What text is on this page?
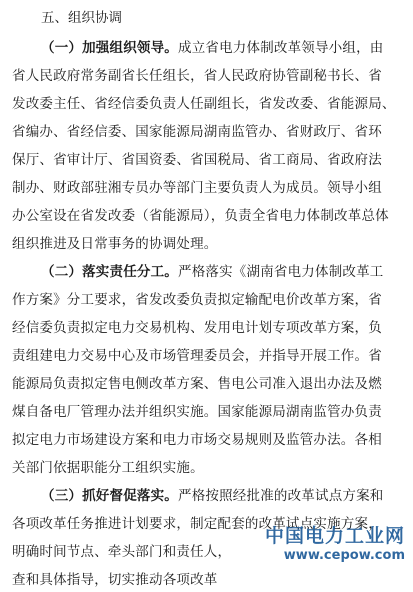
五、组织协调
（一）加强组织领导。成立省电力体制改革领导小组，由
省人民政府常务副省长任组长，省人民政府协管副秘书长、省
发改委主任、省经信委负责人任副组长，省发改委、省能源局、
省编办、省经信委、国家能源局湖南监管办、省财政厅、省环
保厅、省审计厅、省国资委、省国税局、省工商局、省政府法
制办、财政部驻湘专员办等部门主要负责人为成员。领导小组
办公室设在省发改委（省能源局），负责全省电力体制改革总体
组织推进及日常事务的协调处理。
（二）落实责任分工。严格落实《湖南省电力体制改革工
作方案》分工要求，省发改委负责拟定输配电价改革方案，省
经信委负责拟定电力交易机构、发用电计划专项改革方案，负
责组建电力交易中心及市场管理委员会，并指导开展工作。省
能源局负责拟定售电侧改革方案、售电公司准入退出办法及燃
煤自备电厂管理办法并组织实施。国家能源局湖南监管办负责
拟定电力市场建设方案和电力市场交易规则及监管办法。各相
关部门依据职能分工组织实施。
（三）抓好督促落实。严格按照经批准的改革试点方案和
各项改革任务推进计划要求，制定配套的改革试点实施方案，
明确时间节点、牵头部门和责任人，
查和具体指导，切实推动各项改革
中国电力工业网
www.cepow.com
